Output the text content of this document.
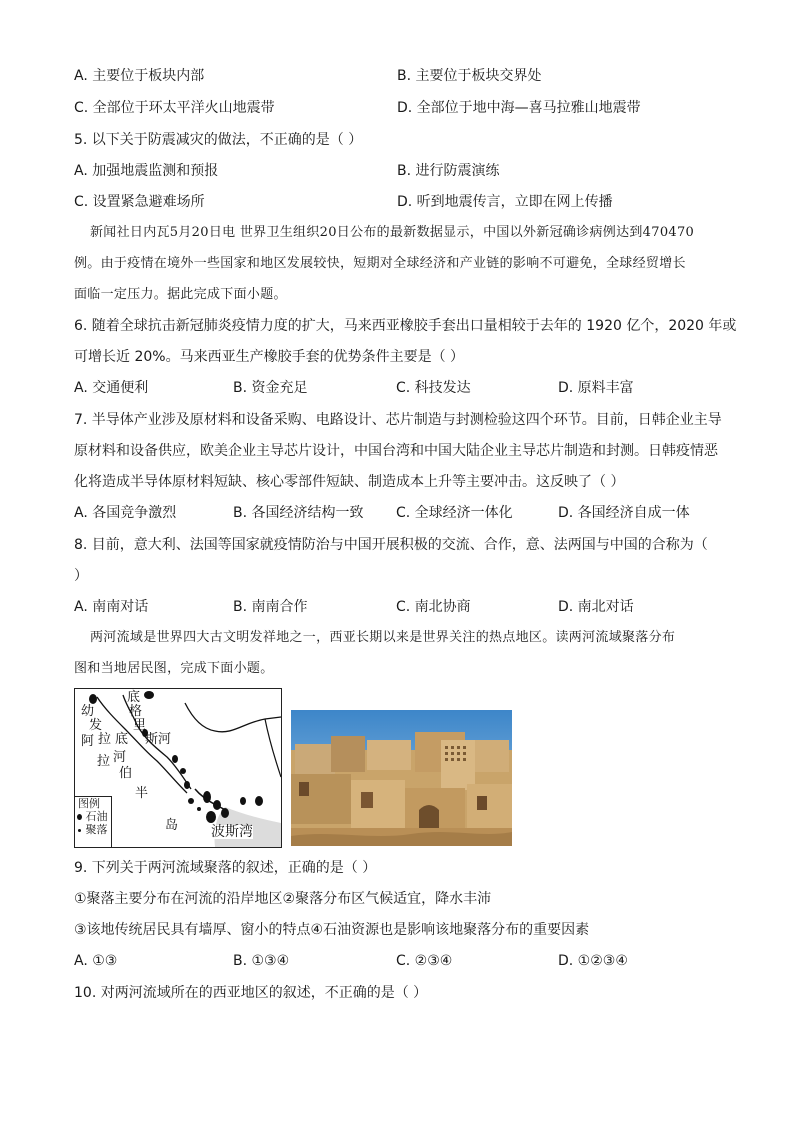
A. 主要位于板块内部	B. 主要位于板块交界处
C. 全部位于环太平洋火山地震带	D. 全部位于地中海—喜马拉雅山地震带
5. 以下关于防震减灾的做法，不正确的是（ ）
A. 加强地震监测和预报	B. 进行防震演练
C. 设置紧急避难场所	D. 听到地震传言，立即在网上传播
新闻社日内瓦5月20日电 世界卫生组织20日公布的最新数据显示，中国以外新冠确诊病例达到470470
例。由于疫情在境外一些国家和地区发展较快，短期对全球经济和产业链的影响不可避免，全球经贸增长
面临一定压力。据此完成下面小题。
6. 随着全球抗击新冠肺炎疫情力度的扩大，马来西亚橡胶手套出口量相较于去年的 1920 亿个，2020 年或
可增长近 20%。马来西亚生产橡胶手套的优势条件主要是（ ）
A. 交通便利	B. 资金充足	C. 科技发达	D. 原料丰富
7. 半导体产业涉及原材料和设备采购、电路设计、芯片制造与封测检验这四个环节。目前，日韩企业主导
原材料和设备供应，欧美企业主导芯片设计，中国台湾和中国大陆企业主导芯片制造和封测。日韩疫情恶
化将造成半导体原材料短缺、核心零部件短缺、制造成本上升等主要冲击。这反映了（ ）
A. 各国竞争激烈	B. 各国经济结构一致 C. 全球经济一体化	D. 各国经济自成一体
8. 目前，意大利、法国等国家就疫情防治与中国开展积极的交流、合作，意、法两国与中国的合称为（
）
A. 南南对话	B. 南南合作	C. 南北协商	D. 南北对话
两河流域是世界四大古文明发祥地之一，西亚长期以来是世界关注的热点地区。读两河流域聚落分布
图和当地居民图，完成下面小题。
幼
发
拉 底
阿
底
格
里
斯河
拉 河
伯
半
岛 波斯湾
图例
石油
聚落
9. 下列关于两河流域聚落的叙述，正确的是（ ）
①聚落主要分布在河流的沿岸地区②聚落分布区气候适宜，降水丰沛
③该地传统居民具有墙厚、窗小的特点④石油资源也是影响该地聚落分布的重要因素
A. ①③	B. ①③④	C. ②③④	D. ①②③④
10. 对两河流域所在的西亚地区的叙述，不正确的是（ ）
